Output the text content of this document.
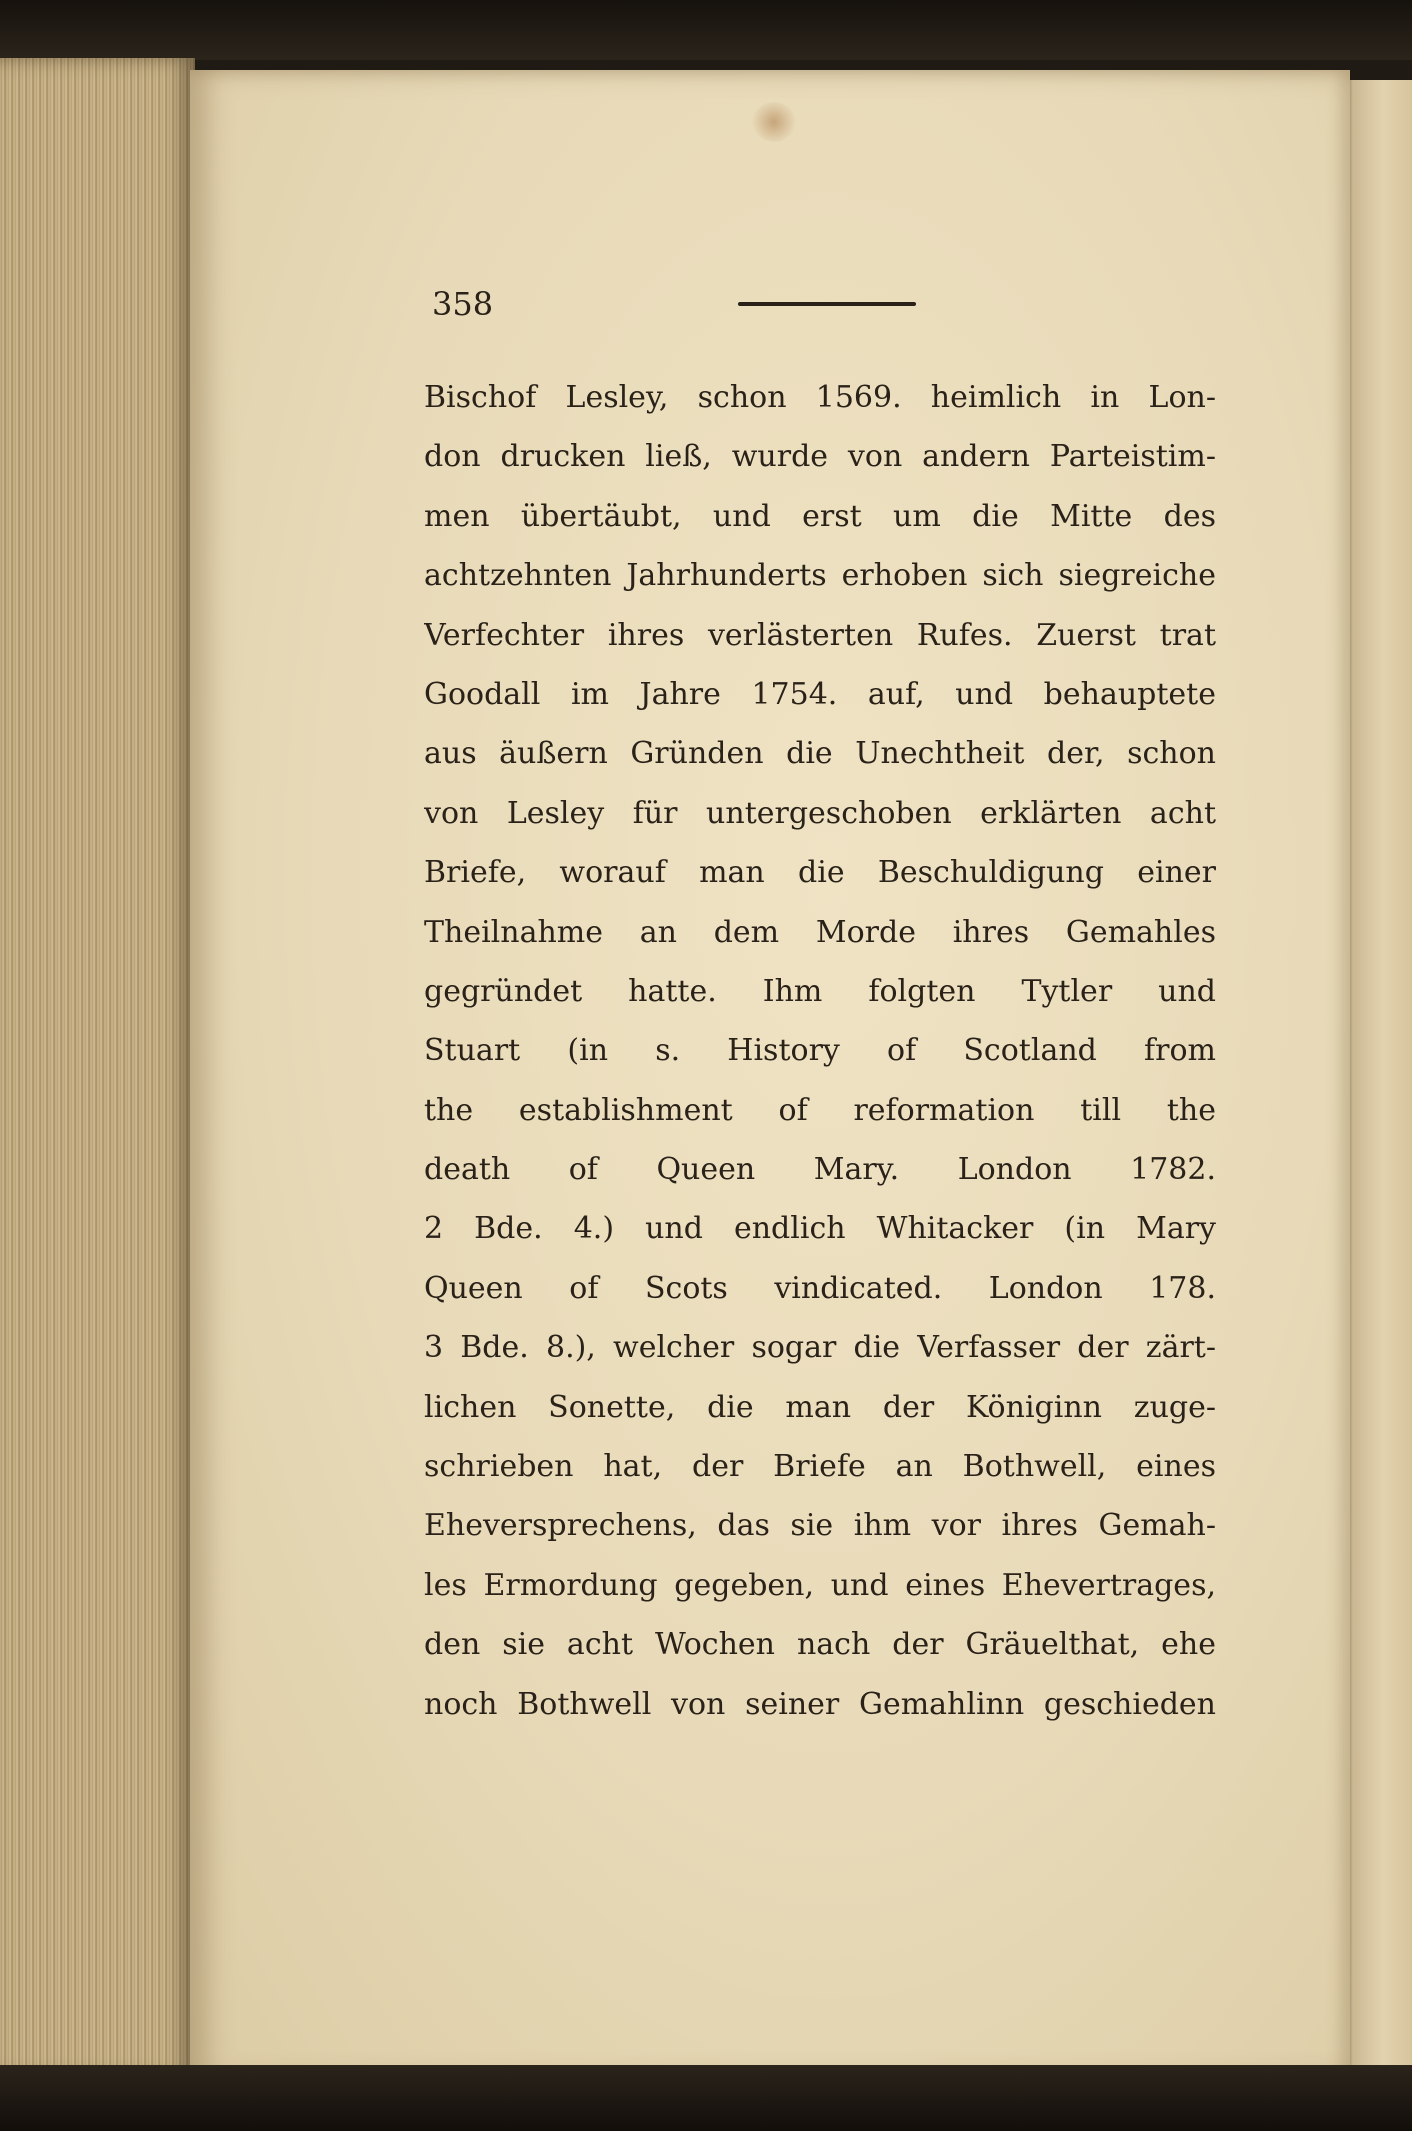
358
Bischof Lesley, schon 1569. heimlich in Lon-
don drucken ließ, wurde von andern Parteistim-
men übertäubt, und erst um die Mitte des
achtzehnten Jahrhunderts erhoben sich siegreiche
Verfechter ihres verlästerten Rufes. Zuerst trat
Goodall im Jahre 1754. auf, und behauptete
aus äußern Gründen die Unechtheit der, schon
von Lesley für untergeschoben erklärten acht
Briefe, worauf man die Beschuldigung einer
Theilnahme an dem Morde ihres Gemahles
gegründet hatte. Ihm folgten Tytler und
Stuart (in s. History of Scotland from
the establishment of reformation till the
death of Queen Mary. London 1782.
2 Bde. 4.) und endlich Whitacker (in Mary
Queen of Scots vindicated. London 178.
3 Bde. 8.), welcher sogar die Verfasser der zärt-
lichen Sonette, die man der Königinn zuge-
schrieben hat, der Briefe an Bothwell, eines
Eheversprechens, das sie ihm vor ihres Gemah-
les Ermordung gegeben, und eines Ehevertrages,
den sie acht Wochen nach der Gräuelthat, ehe
noch Bothwell von seiner Gemahlinn geschieden
